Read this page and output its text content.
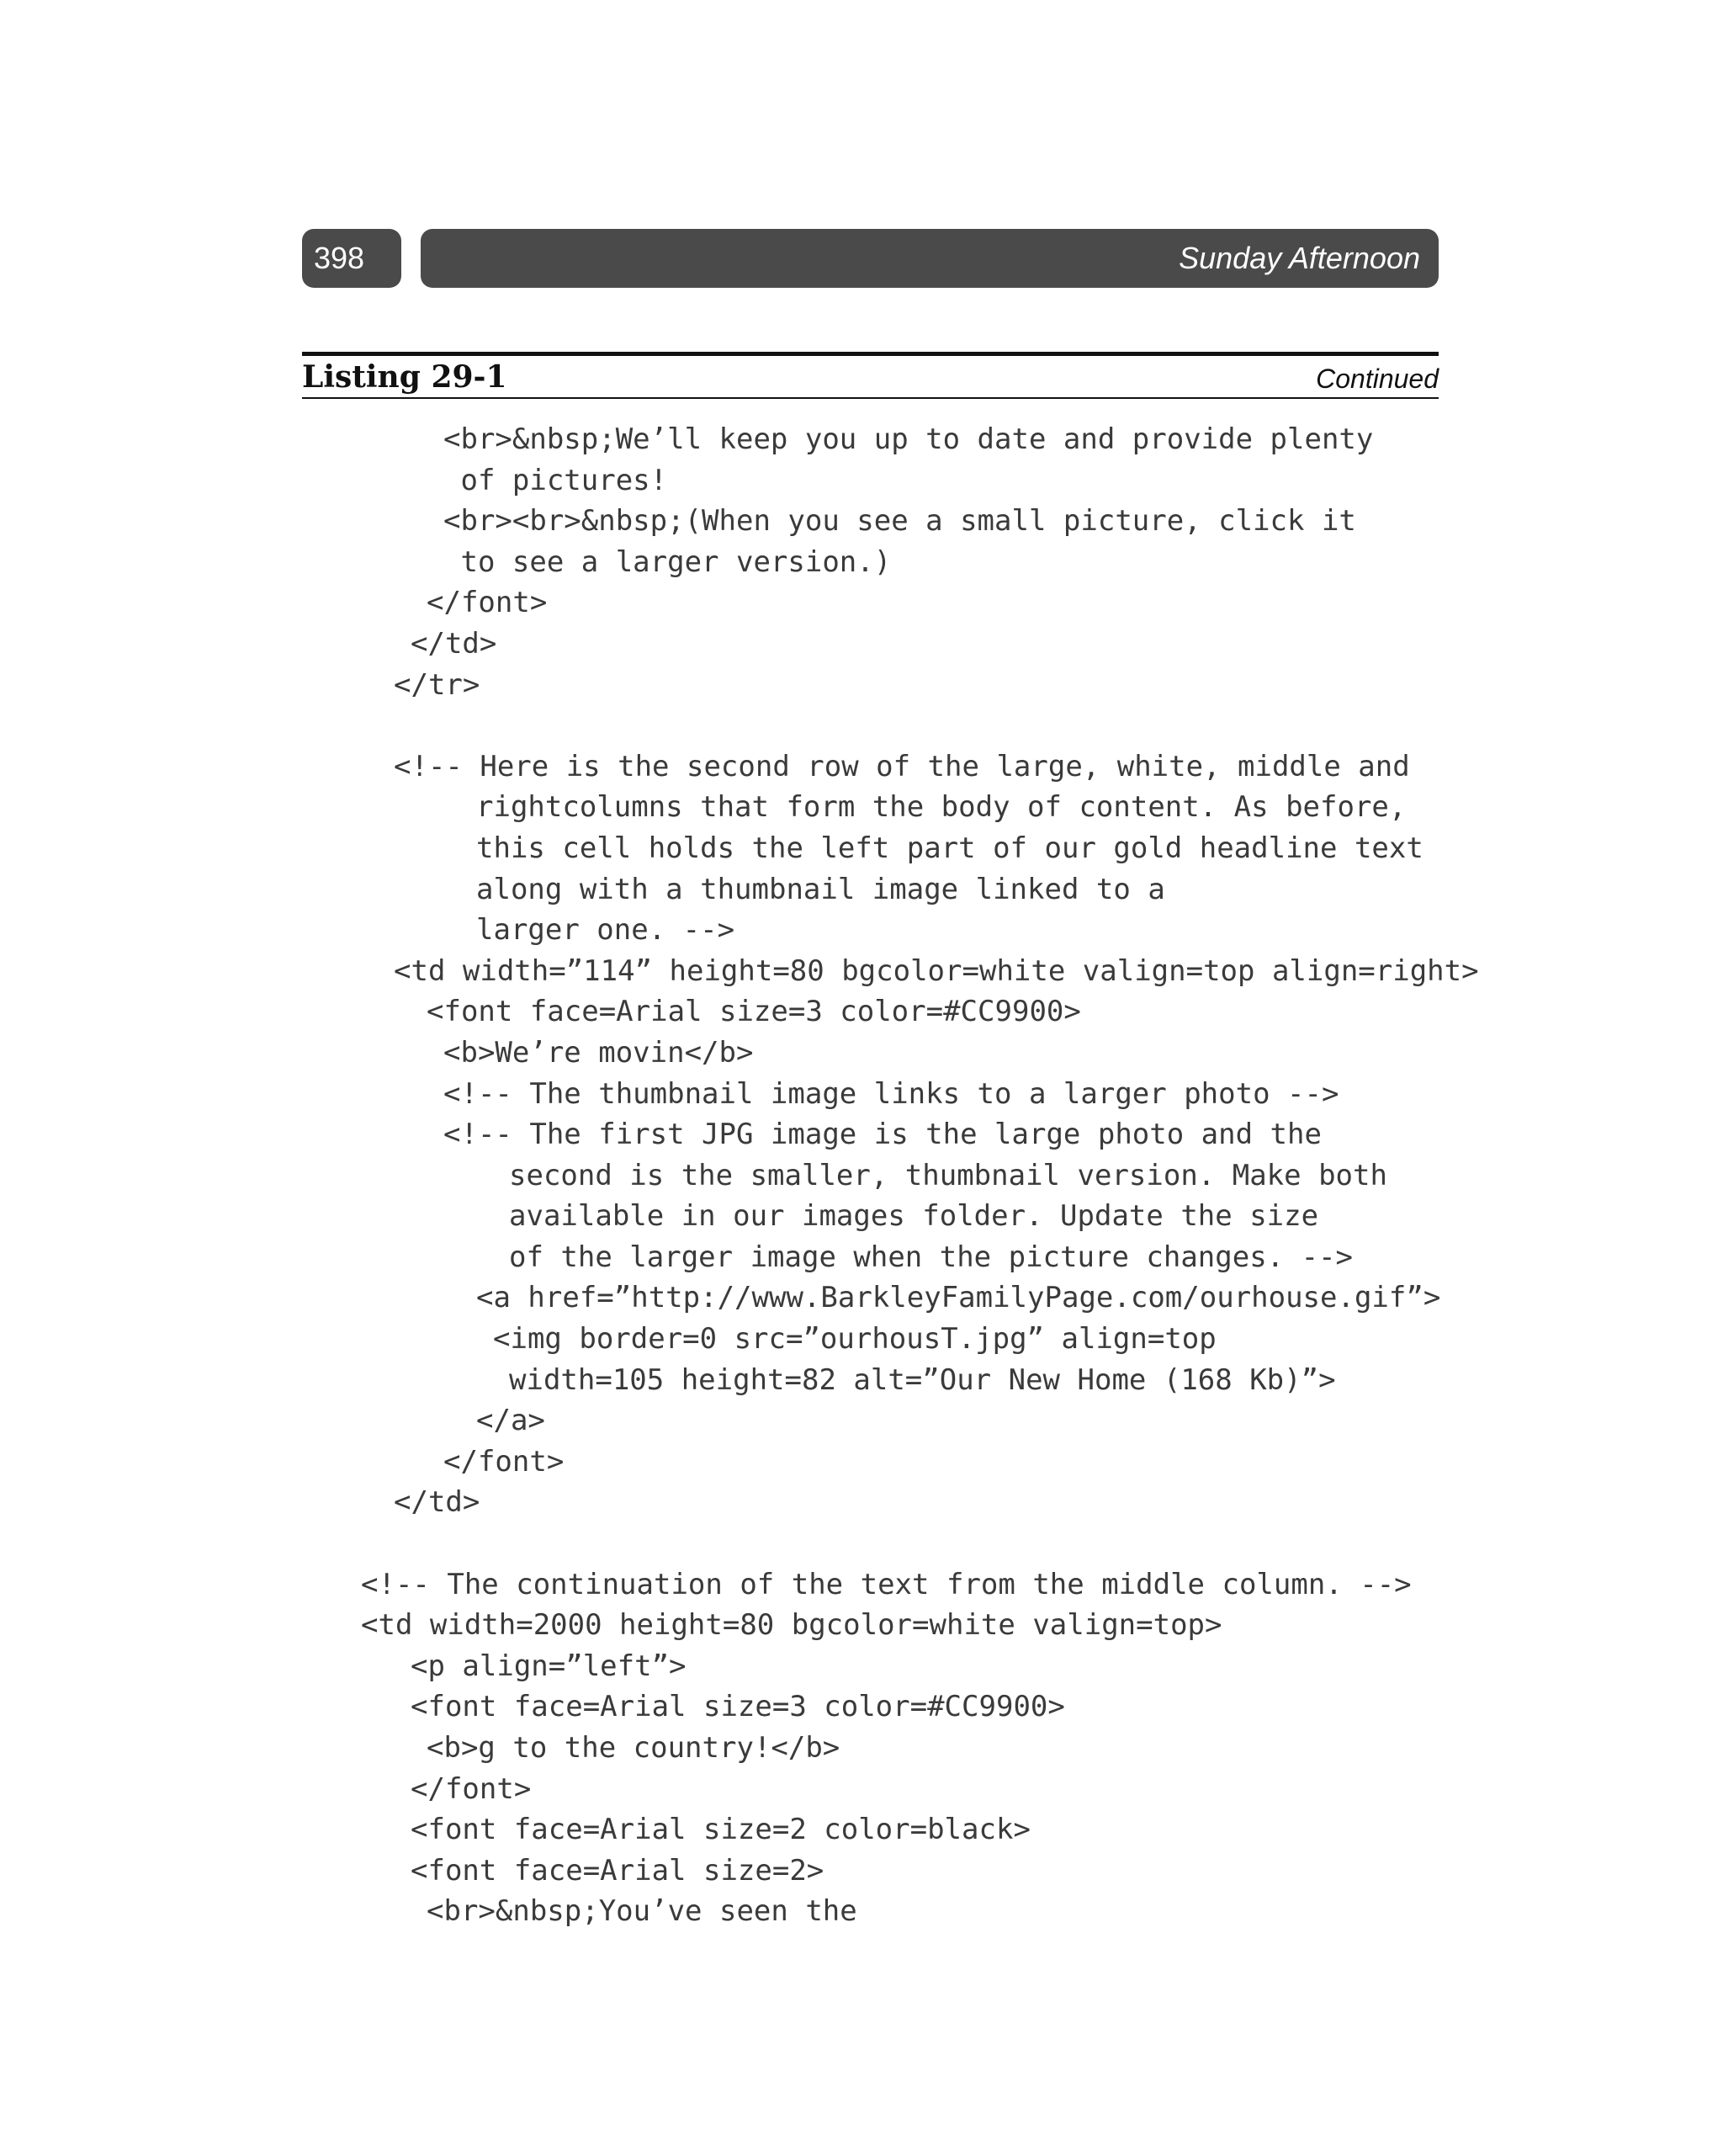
398	Sunday Afternoon
Listing 29-1	Continued
<br>&nbsp;We’ll keep you up to date and provide plenty
of pictures!
<br><br>&nbsp;(When you see a small picture, click it
to see a larger version.)
</font>
</td>
</tr>
<!-- Here is the second row of the large, white, middle and
rightcolumns that form the body of content. As before,
this cell holds the left part of our gold headline text
along with a thumbnail image linked to a
larger one. -->
<td width=”114” height=80 bgcolor=white valign=top align=right>
<font face=Arial size=3 color=#CC9900>
<b>We’re movin</b>
<!-- The thumbnail image links to a larger photo -->
<!-- The first JPG image is the large photo and the
second is the smaller, thumbnail version. Make both
available in our images folder. Update the size
of the larger image when the picture changes. -->
<a href=”http://www.BarkleyFamilyPage.com/ourhouse.gif”>
<img border=0 src=”ourhousT.jpg” align=top
width=105 height=82 alt=”Our New Home (168 Kb)”>
</a>
</font>
</td>
<!-- The continuation of the text from the middle column. -->
<td width=2000 height=80 bgcolor=white valign=top>
<p align=”left”>
<font face=Arial size=3 color=#CC9900>
<b>g to the country!</b>
</font>
<font face=Arial size=2 color=black>
<font face=Arial size=2>
<br>&nbsp;You’ve seen the
